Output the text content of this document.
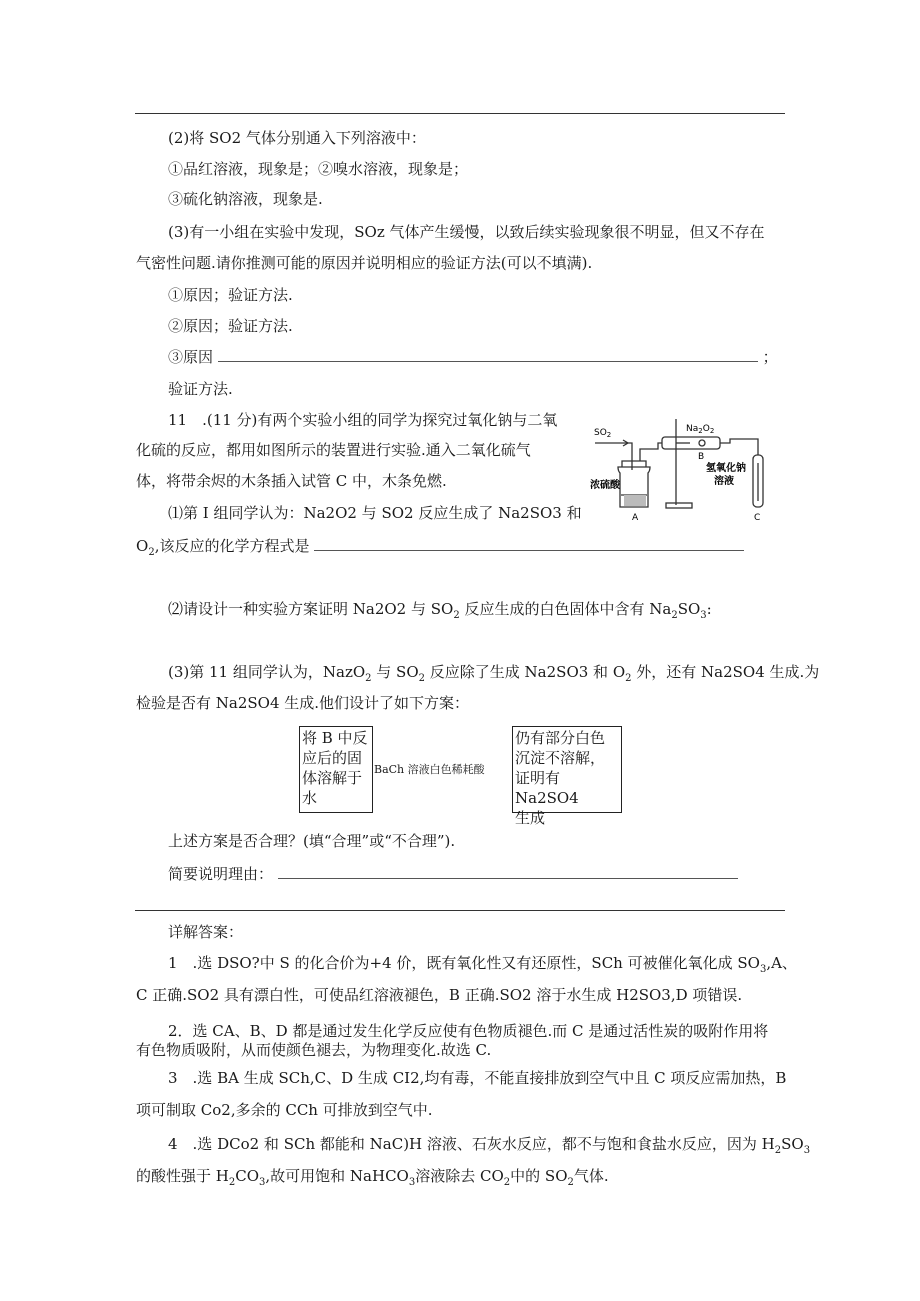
(2)将 SO2 气体分别通入下列溶液中：
①品红溶液，现象是；②嗅水溶液，现象是；
③硫化钠溶液，现象是.
(3)有一小组在实验中发现，SOz 气体产生缓慢，以致后续实验现象很不明显，但又不存在
气密性问题.请你推测可能的原因并说明相应的验证方法(可以不填满).
①原因；验证方法.
②原因；验证方法.
③原因	；
验证方法.
11　.(11 分)有两个实验小组的同学为探究过氧化钠与二氧
化硫的反应，都用如图所示的装置进行实验.通入二氧化硫气
体，将带余烬的木条插入试管 C 中，木条免燃.
⑴第 I 组同学认为：Na2O2 与 SO2 反应生成了 Na2SO3 和
$O_2$,该反应的化学方程式是
$SO_2$
$Na_2O_2$
B
氢氧化钠
溶液
浓硫酸
A	C
⑵请设计一种实验方案证明 Na2O2 与 $SO_2$ 反应生成的白色固体中含有 $Na_2SO_3$:
(3)第 11 组同学认为，NazO$_2$ 与 $SO_2$ 反应除了生成 Na2SO3 和 $O_2$ 外，还有 Na2SO4 生成.为
检验是否有 Na2SO4 生成.他们设计了如下方案：
将 B 中反
应后的固
体溶解于
水
BaCh 溶液白色稀耗酸
仍有部分白色
沉淀不溶解，
证明有 Na2SO4
生成
上述方案是否合理？(填“合理”或“不合理”).
简要说明理由：
详解答案：
1　.选 DSO?中 S 的化合价为+4 价，既有氧化性又有还原性，SCh 可被催化氧化成 $SO_3,A$、
C 正确.SO2 具有漂白性，可使品红溶液褪色，B 正确.SO2 溶于水生成 H2SO3,D 项错误.
2．选 CA、B、D 都是通过发生化学反应使有色物质褪色.而 C 是通过活性炭的吸附作用将
有色物质吸附，从而使颜色褪去，为物理变化.故选 C.
3　.选 BA 生成 SCh,C、D 生成 CI2,均有毒，不能直接排放到空气中且 C 项反应需加热，B
项可制取 Co2,多余的 CCh 可排放到空气中.
4　.选 DCo2 和 SCh 都能和 NaC)H 溶液、石灰水反应，都不与饱和食盐水反应，因为 $H_2SO_3$
的酸性强于 $H_2CO_3$,故可用饱和 NaHCO$_3$溶液除去 $CO_2$中的 $SO_2$气体.
